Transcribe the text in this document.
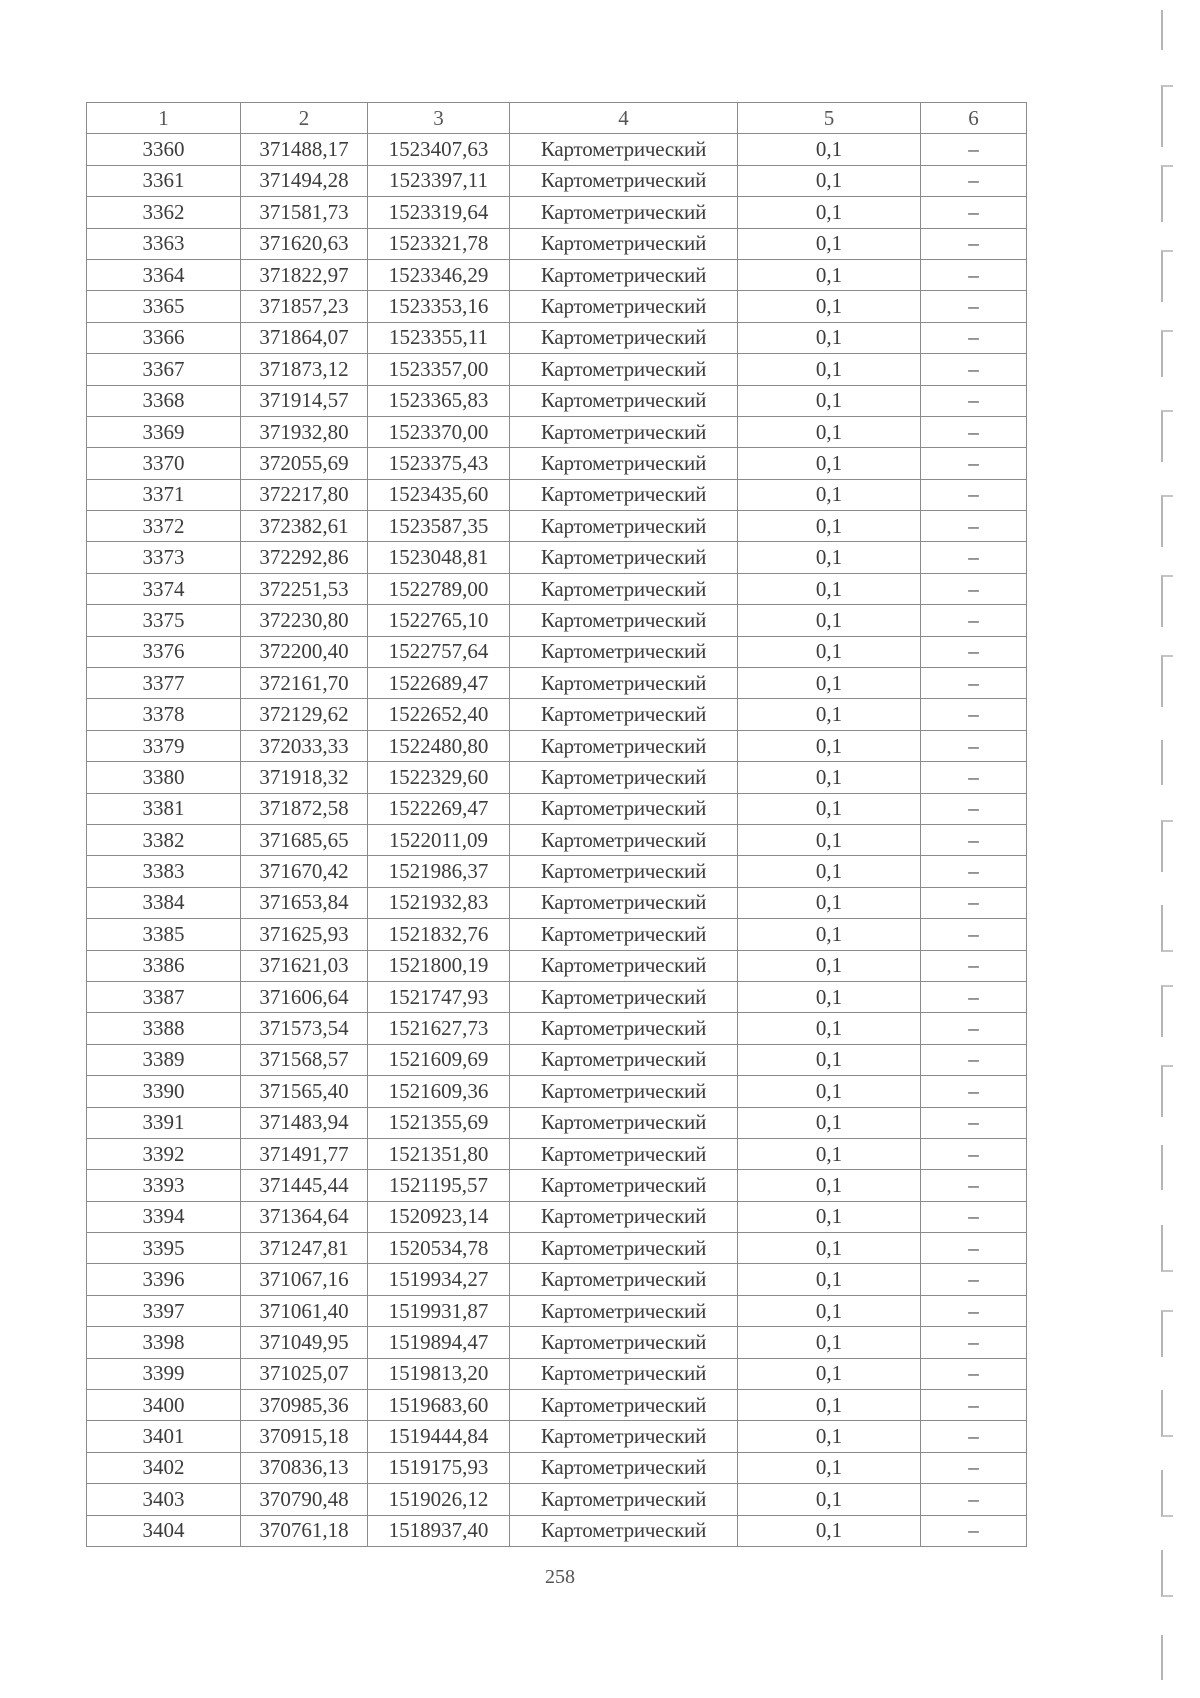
1	2	3	4	5	6
3360	371488,17	1523407,63	Картометрический	0,1	–
3361	371494,28	1523397,11	Картометрический	0,1	–
3362	371581,73	1523319,64	Картометрический	0,1	–
3363	371620,63	1523321,78	Картометрический	0,1	–
3364	371822,97	1523346,29	Картометрический	0,1	–
3365	371857,23	1523353,16	Картометрический	0,1	–
3366	371864,07	1523355,11	Картометрический	0,1	–
3367	371873,12	1523357,00	Картометрический	0,1	–
3368	371914,57	1523365,83	Картометрический	0,1	–
3369	371932,80	1523370,00	Картометрический	0,1	–
3370	372055,69	1523375,43	Картометрический	0,1	–
3371	372217,80	1523435,60	Картометрический	0,1	–
3372	372382,61	1523587,35	Картометрический	0,1	–
3373	372292,86	1523048,81	Картометрический	0,1	–
3374	372251,53	1522789,00	Картометрический	0,1	–
3375	372230,80	1522765,10	Картометрический	0,1	–
3376	372200,40	1522757,64	Картометрический	0,1	–
3377	372161,70	1522689,47	Картометрический	0,1	–
3378	372129,62	1522652,40	Картометрический	0,1	–
3379	372033,33	1522480,80	Картометрический	0,1	–
3380	371918,32	1522329,60	Картометрический	0,1	–
3381	371872,58	1522269,47	Картометрический	0,1	–
3382	371685,65	1522011,09	Картометрический	0,1	–
3383	371670,42	1521986,37	Картометрический	0,1	–
3384	371653,84	1521932,83	Картометрический	0,1	–
3385	371625,93	1521832,76	Картометрический	0,1	–
3386	371621,03	1521800,19	Картометрический	0,1	–
3387	371606,64	1521747,93	Картометрический	0,1	–
3388	371573,54	1521627,73	Картометрический	0,1	–
3389	371568,57	1521609,69	Картометрический	0,1	–
3390	371565,40	1521609,36	Картометрический	0,1	–
3391	371483,94	1521355,69	Картометрический	0,1	–
3392	371491,77	1521351,80	Картометрический	0,1	–
3393	371445,44	1521195,57	Картометрический	0,1	–
3394	371364,64	1520923,14	Картометрический	0,1	–
3395	371247,81	1520534,78	Картометрический	0,1	–
3396	371067,16	1519934,27	Картометрический	0,1	–
3397	371061,40	1519931,87	Картометрический	0,1	–
3398	371049,95	1519894,47	Картометрический	0,1	–
3399	371025,07	1519813,20	Картометрический	0,1	–
3400	370985,36	1519683,60	Картометрический	0,1	–
3401	370915,18	1519444,84	Картометрический	0,1	–
3402	370836,13	1519175,93	Картометрический	0,1	–
3403	370790,48	1519026,12	Картометрический	0,1	–
3404	370761,18	1518937,40	Картометрический	0,1	–
258
